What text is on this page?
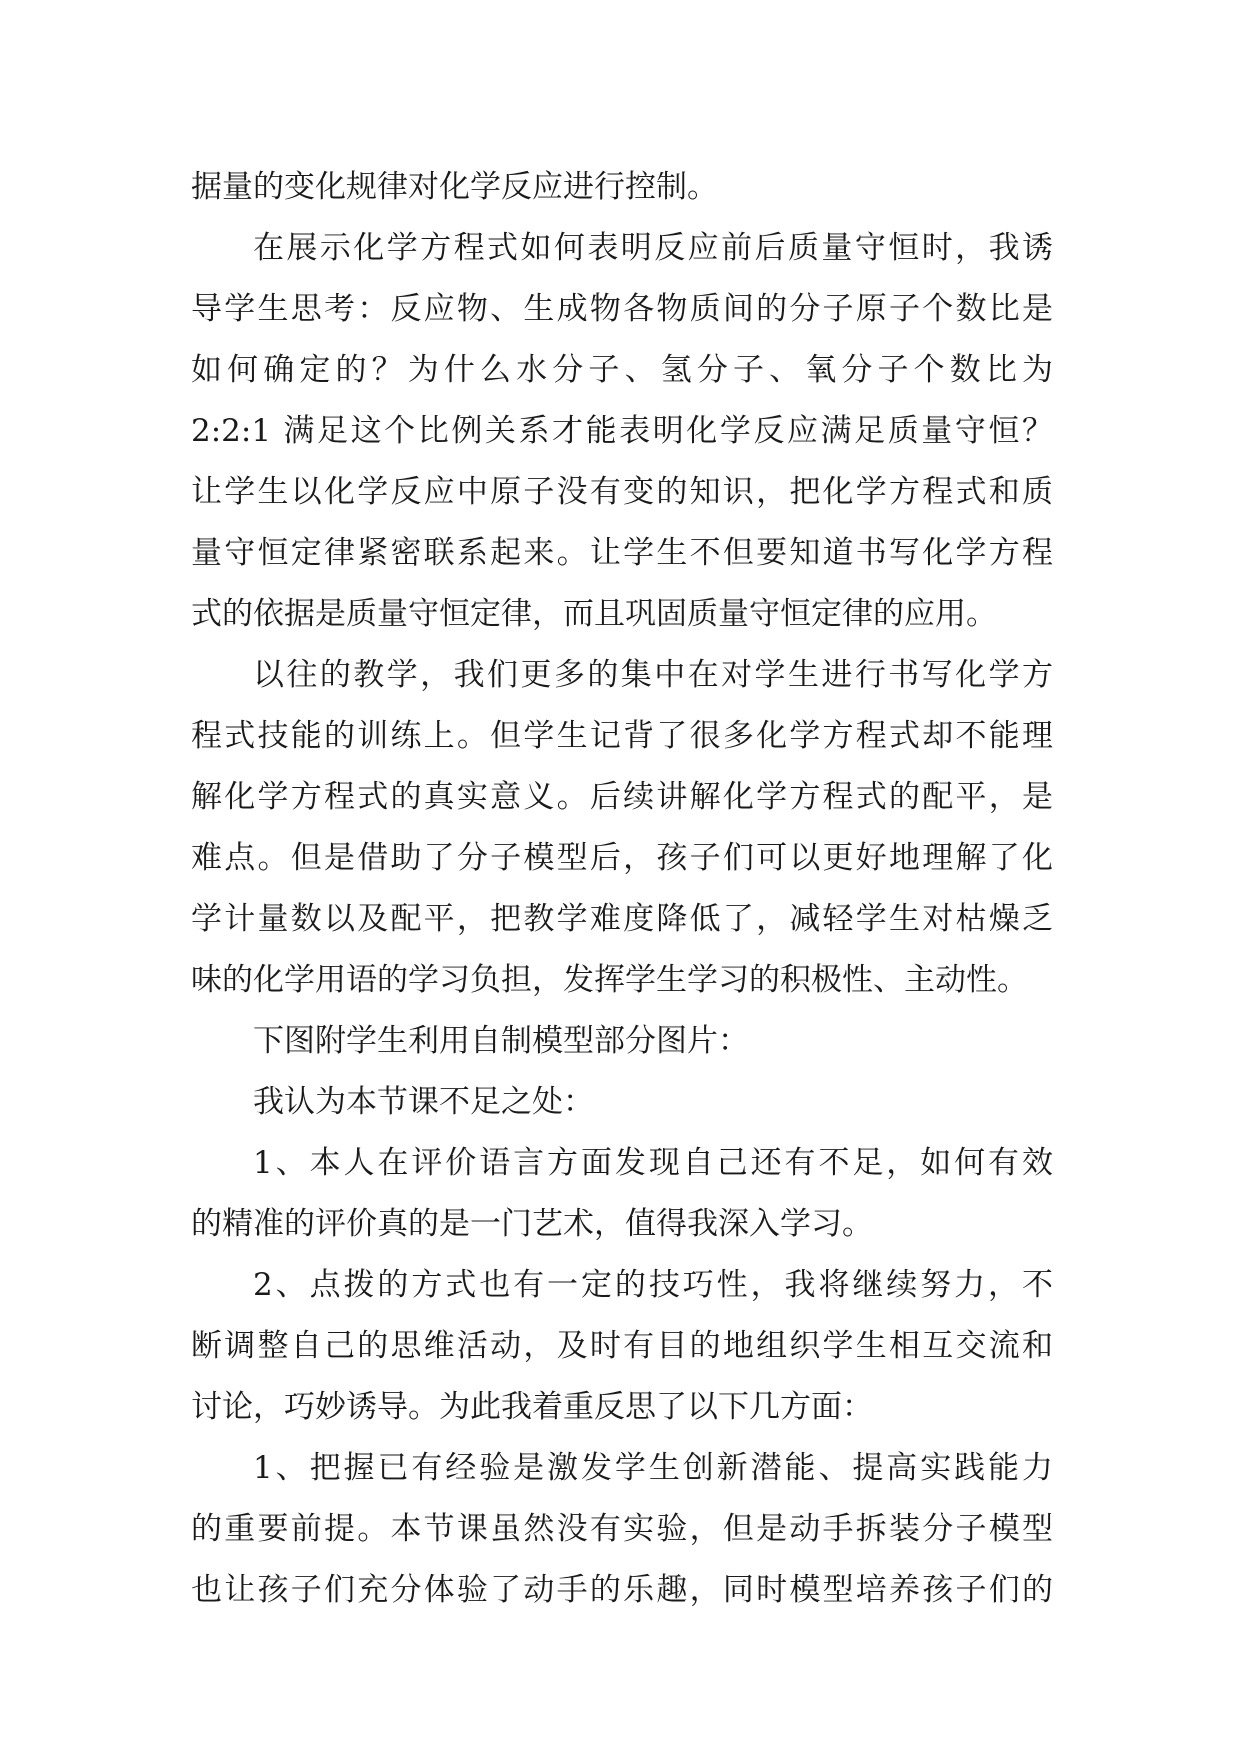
据量的变化规律对化学反应进行控制。
在展示化学方程式如何表明反应前后质量守恒时，我诱
导学生思考：反应物、生成物各物质间的分子原子个数比是
如何确定的？为什么水分子、氢分子、氧分子个数比为
2:2:1 满足这个比例关系才能表明化学反应满足质量守恒？
让学生以化学反应中原子没有变的知识，把化学方程式和质
量守恒定律紧密联系起来。让学生不但要知道书写化学方程
式的依据是质量守恒定律，而且巩固质量守恒定律的应用。
以往的教学，我们更多的集中在对学生进行书写化学方
程式技能的训练上。但学生记背了很多化学方程式却不能理
解化学方程式的真实意义。后续讲解化学方程式的配平，是
难点。但是借助了分子模型后，孩子们可以更好地理解了化
学计量数以及配平，把教学难度降低了，减轻学生对枯燥乏
味的化学用语的学习负担，发挥学生学习的积极性、主动性。
下图附学生利用自制模型部分图片：
我认为本节课不足之处：
1、本人在评价语言方面发现自己还有不足，如何有效
的精准的评价真的是一门艺术，值得我深入学习。
2、点拨的方式也有一定的技巧性，我将继续努力，不
断调整自己的思维活动，及时有目的地组织学生相互交流和
讨论，巧妙诱导。为此我着重反思了以下几方面：
1、把握已有经验是激发学生创新潜能、提高实践能力
的重要前提。本节课虽然没有实验，但是动手拆装分子模型
也让孩子们充分体验了动手的乐趣，同时模型培养孩子们的
